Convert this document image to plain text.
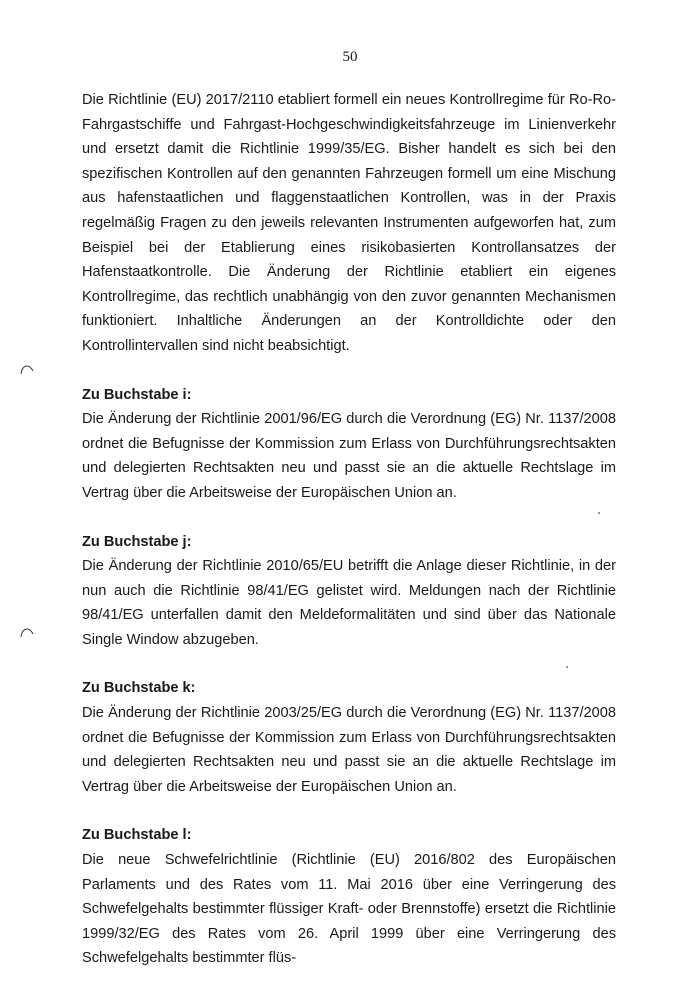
50

Die Richtlinie (EU) 2017/2110 etabliert formell ein neues Kontrollregime für Ro-Ro-Fahrgastschiffe und Fahrgast-Hochgeschwindigkeitsfahrzeuge im Linienverkehr und ersetzt damit die Richtlinie 1999/35/EG. Bisher handelt es sich bei den spezifischen Kontrollen auf den genannten Fahrzeugen formell um eine Mischung aus hafenstaatlichen und flaggenstaatlichen Kontrollen, was in der Praxis regelmäßig Fragen zu den jeweils relevanten Instrumenten aufgeworfen hat, zum Beispiel bei der Etablierung eines risikobasierten Kontrollansatzes der Hafenstaatkontrolle. Die Änderung der Richtlinie etabliert ein eigenes Kontrollregime, das rechtlich unabhängig von den zuvor genannten Mechanismen funktioniert. Inhaltliche Änderungen an der Kontrolldichte oder den Kontrollintervallen sind nicht beabsichtigt.

Zu Buchstabe i:

Die Änderung der Richtlinie 2001/96/EG durch die Verordnung (EG) Nr. 1137/2008 ordnet die Befugnisse der Kommission zum Erlass von Durchführungsrechtsakten und delegierten Rechtsakten neu und passt sie an die aktuelle Rechtslage im Vertrag über die Arbeitsweise der Europäischen Union an.

Zu Buchstabe j:

Die Änderung der Richtlinie 2010/65/EU betrifft die Anlage dieser Richtlinie, in der nun auch die Richtlinie 98/41/EG gelistet wird. Meldungen nach der Richtlinie 98/41/EG unterfallen damit den Meldeformalitäten und sind über das Nationale Single Window abzugeben.

Zu Buchstabe k:

Die Änderung der Richtlinie 2003/25/EG durch die Verordnung (EG) Nr. 1137/2008 ordnet die Befugnisse der Kommission zum Erlass von Durchführungsrechtsakten und delegierten Rechtsakten neu und passt sie an die aktuelle Rechtslage im Vertrag über die Arbeitsweise der Europäischen Union an.

Zu Buchstabe l:

Die neue Schwefelrichtlinie (Richtlinie (EU) 2016/802 des Europäischen Parlaments und des Rates vom 11. Mai 2016 über eine Verringerung des Schwefelgehalts bestimmter flüssiger Kraft- oder Brennstoffe) ersetzt die Richtlinie 1999/32/EG des Rates vom 26. April 1999 über eine Verringerung des Schwefelgehalts bestimmter flüs-
